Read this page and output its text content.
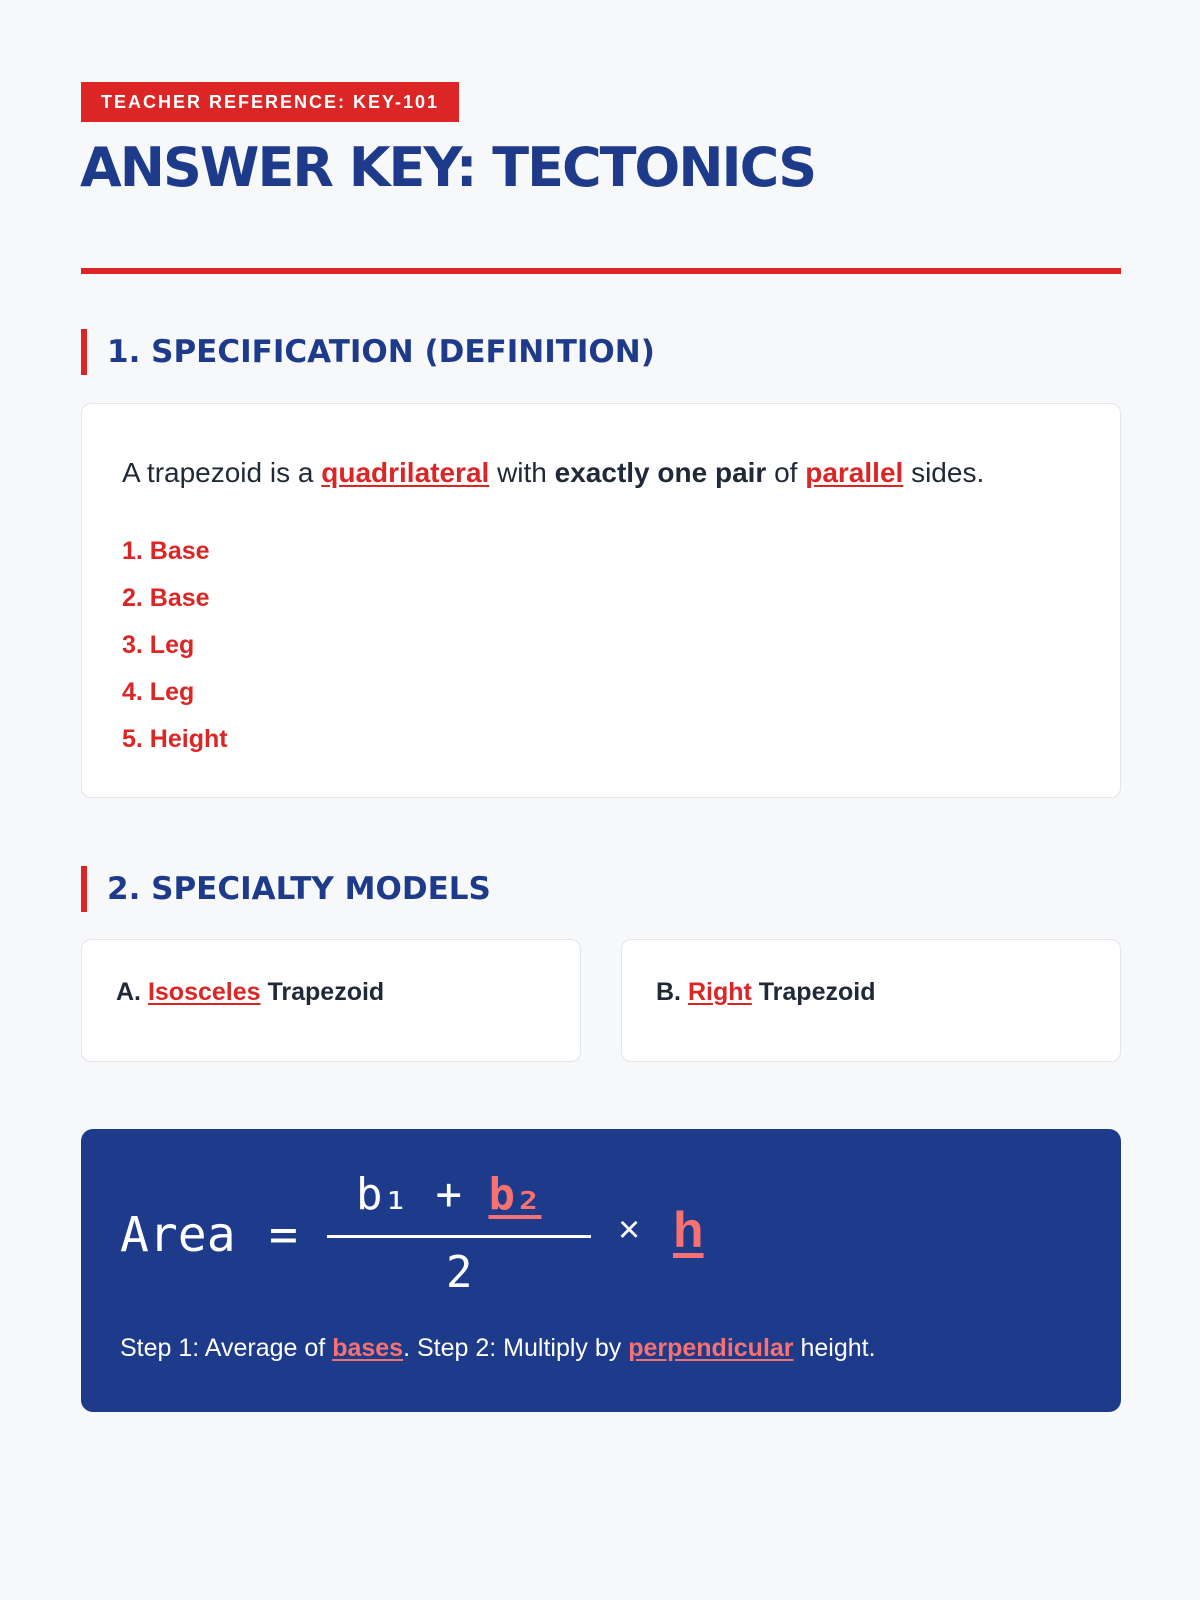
TEACHER REFERENCE: KEY-101
ANSWER KEY: TECTONICS
1. SPECIFICATION (DEFINITION)

A trapezoid is a quadrilateral with exactly one pair of parallel sides.

1. Base
2. Base
3. Leg
4. Leg
5. Height
2. SPECIALTY MODELS
A. Isosceles Trapezoid	B. Right Trapezoid
Area =
b₁ + b₂
2
× h

Step 1: Average of bases. Step 2: Multiply by perpendicular height.
